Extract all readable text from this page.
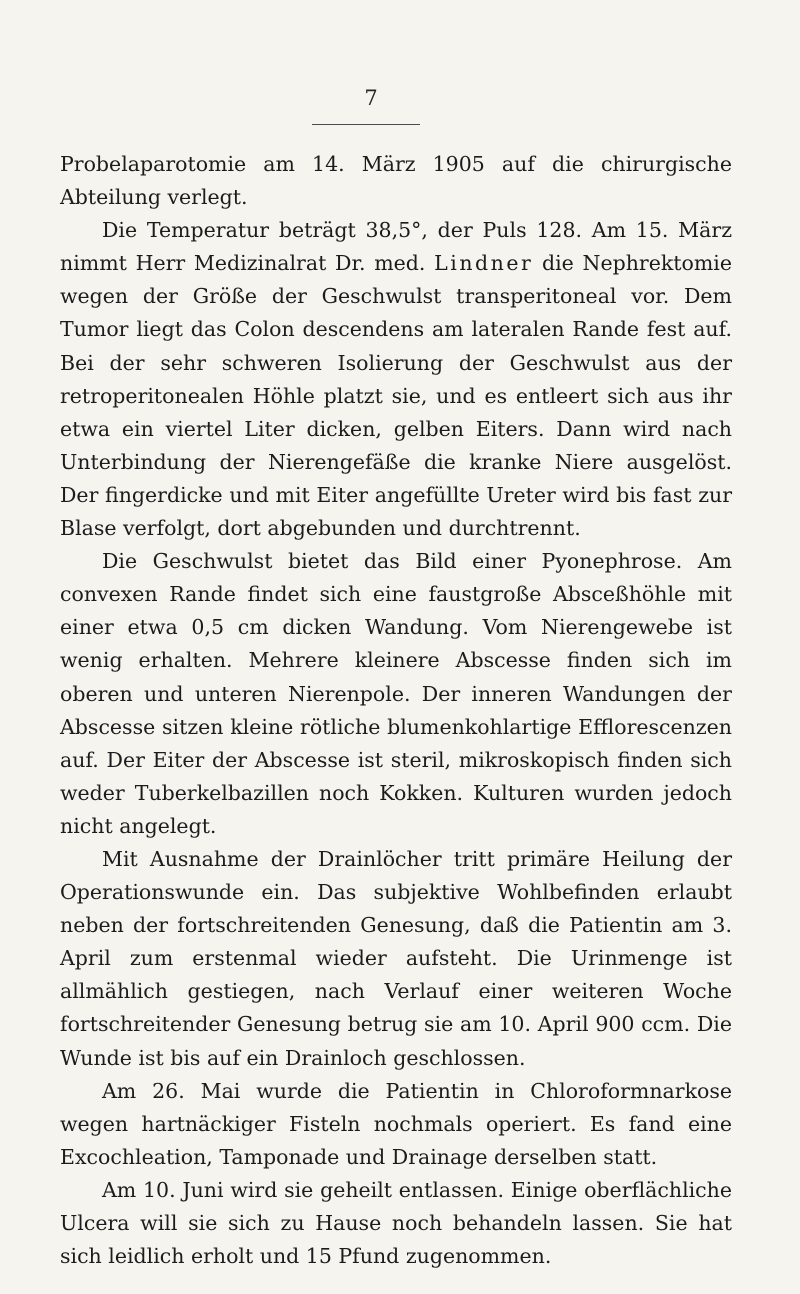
7

Probelaparotomie am 14. März 1905 auf die chirurgische Abteilung verlegt.

Die Temperatur beträgt 38,5°, der Puls 128. Am 15. März nimmt Herr Medizinalrat Dr. med. Lindner die Nephrektomie wegen der Größe der Geschwulst transperitoneal vor. Dem Tumor liegt das Colon descendens am lateralen Rande fest auf. Bei der sehr schweren Isolierung der Geschwulst aus der retroperitonealen Höhle platzt sie, und es entleert sich aus ihr etwa ein viertel Liter dicken, gelben Eiters. Dann wird nach Unterbindung der Nierengefäße die kranke Niere ausgelöst. Der fingerdicke und mit Eiter angefüllte Ureter wird bis fast zur Blase verfolgt, dort abgebunden und durchtrennt.

Die Geschwulst bietet das Bild einer Pyonephrose. Am convexen Rande findet sich eine faustgroße Absceßhöhle mit einer etwa 0,5 cm dicken Wandung. Vom Nierengewebe ist wenig erhalten. Mehrere kleinere Abscesse finden sich im oberen und unteren Nierenpole. Der inneren Wandungen der Abscesse sitzen kleine rötliche blumenkohlartige Efflorescenzen auf. Der Eiter der Abscesse ist steril, mikroskopisch finden sich weder Tuberkelbazillen noch Kokken. Kulturen wurden jedoch nicht angelegt.

Mit Ausnahme der Drainlöcher tritt primäre Heilung der Operationswunde ein. Das subjektive Wohlbefinden erlaubt neben der fortschreitenden Genesung, daß die Patientin am 3. April zum erstenmal wieder aufsteht. Die Urinmenge ist allmählich gestiegen, nach Verlauf einer weiteren Woche fortschreitender Genesung betrug sie am 10. April 900 ccm. Die Wunde ist bis auf ein Drainloch geschlossen.

Am 26. Mai wurde die Patientin in Chloroformnarkose wegen hartnäckiger Fisteln nochmals operiert. Es fand eine Excochleation, Tamponade und Drainage derselben statt.

Am 10. Juni wird sie geheilt entlassen. Einige oberflächliche Ulcera will sie sich zu Hause noch behandeln lassen. Sie hat sich leidlich erholt und 15 Pfund zugenommen.
